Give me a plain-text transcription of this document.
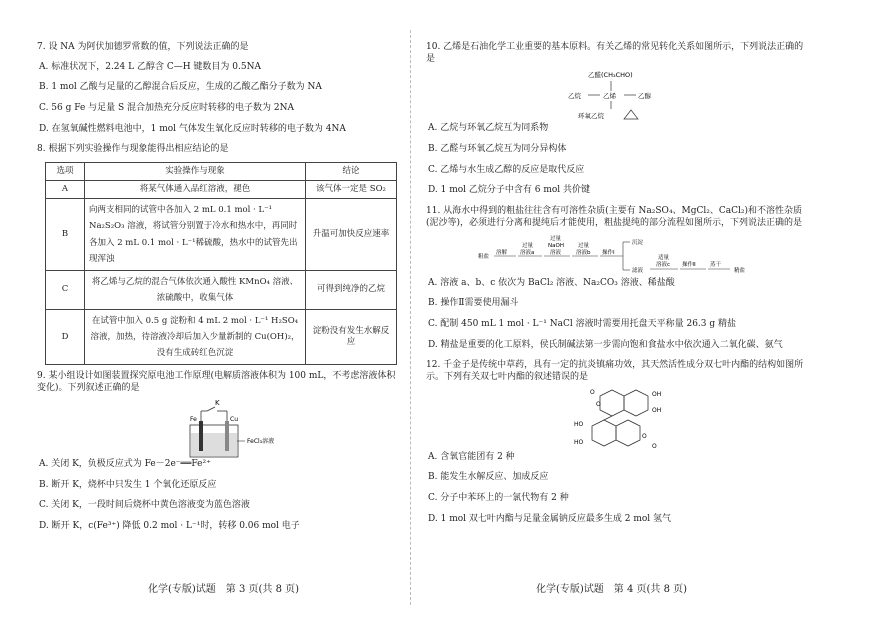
7. 设 NA 为阿伏加德罗常数的值，下列说法正确的是
A. 标准状况下，2.24 L 乙醇含 C—H 键数目为 0.5NA
B. 1 mol 乙酸与足量的乙醇混合后反应，生成的乙酸乙酯分子数为 NA
C. 56 g Fe 与足量 S 混合加热充分反应时转移的电子数为 2NA
D. 在氢氧碱性燃料电池中，1 mol 气体发生氧化反应时转移的电子数为 4NA
8. 根据下列实验操作与现象能得出相应结论的是
选项	实验操作与现象	结论
A	将某气体通入品红溶液，褪色	该气体一定是 SO₂
B	向两支相同的试管中各加入 2 mL 0.1 mol · L⁻¹ Na₂S₂O₃ 溶液，将试管分别置于冷水和热水中，再同时各加入 2 mL 0.1 mol · L⁻¹稀硫酸，热水中的试管先出现浑浊	升温可加快反应速率
C	将乙烯与乙烷的混合气体依次通入酸性 KMnO₄ 溶液、浓硫酸中，收集气体	可得到纯净的乙烷
D	在试管中加入 0.5 g 淀粉和 4 mL 2 mol · L⁻¹ H₂SO₄ 溶液，加热，待溶液冷却后加入少量新制的 Cu(OH)₂，没有生成砖红色沉淀	淀粉没有发生水解反应
9. 某小组设计如图装置探究原电池工作原理(电解质溶液体积为 100 mL，不考虑溶液体积变化)。下列叙述正确的是
K
Fe	Cu
FeCl₃溶液
A. 关闭 K，负极反应式为 Fe－2e⁻══Fe²⁺
B. 断开 K，烧杯中只发生 1 个氧化还原反应
C. 关闭 K，一段时间后烧杯中黄色溶液变为蓝色溶液
D. 断开 K，c(Fe³⁺) 降低 0.2 mol · L⁻¹时，转移 0.06 mol 电子
化学(专版)试题　第 3 页(共 8 页)
10. 乙烯是石油化学工业重要的基本原料。有关乙烯的常见转化关系如图所示，下列说法正确的是
乙醛(CH₃CHO)
乙烷	乙烯	乙醇
环氧乙烷
A. 乙烷与环氧乙烷互为同系物
B. 乙醛与环氧乙烷互为同分异构体
C. 乙烯与水生成乙醇的反应是取代反应
D. 1 mol 乙烷分子中含有 6 mol 共价键
11. 从海水中得到的粗盐往往含有可溶性杂质(主要有 Na₂SO₄、MgCl₂、CaCl₂)和不溶性杂质(泥沙等)，必须进行分离和提纯后才能使用，粗盐提纯的部分流程如图所示，下列说法正确的是
粗盐
溶解
过量
溶液a
过量
NaOH
溶液
过量
溶液b 操作Ⅰ
沉淀
滤液
适量
溶液c 操作Ⅱ	蒸干
精盐
A. 溶液 a、b、c 依次为 BaCl₂ 溶液、Na₂CO₃ 溶液、稀盐酸
B. 操作Ⅱ需要使用漏斗
C. 配制 450 mL 1 mol · L⁻¹ NaCl 溶液时需要用托盘天平称量 26.3 g 精盐
D. 精盐是重要的化工原料，侯氏制碱法第一步需向饱和食盐水中依次通入二氧化碳、氨气
12. 千金子是传统中草药，具有一定的抗炎镇痛功效，其天然活性成分双七叶内酯的结构如图所示。下列有关双七叶内酯的叙述错误的是
O
O
OH
OH
HO
HO
O
O
A. 含氧官能团有 2 种
B. 能发生水解反应、加成反应
C. 分子中苯环上的一氯代物有 2 种
D. 1 mol 双七叶内酯与足量金属钠反应最多生成 2 mol 氢气
化学(专版)试题　第 4 页(共 8 页)
